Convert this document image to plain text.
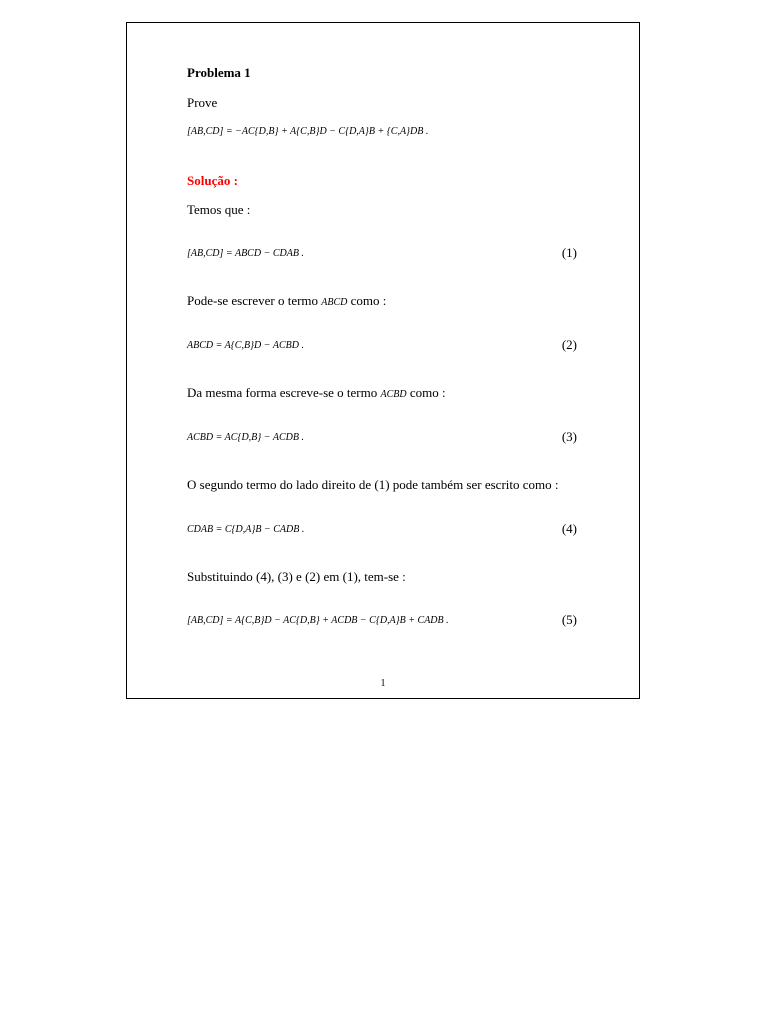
Problema 1
Prove
[AB,CD] = −AC{D,B} + A{C,B}D − C{D,A}B + {C,A}DB .
Solução :
Temos que :
[AB,CD] = ABCD − CDAB .	(1)
Pode-se escrever o termo ABCD como :
ABCD = A{C,B}D − ACBD .	(2)
Da mesma forma escreve-se o termo ACBD como :
ACBD = AC{D,B} − ACDB .	(3)
O segundo termo do lado direito de (1) pode também ser escrito como :
CDAB = C{D,A}B − CADB .	(4)
Substituindo (4), (3) e (2) em (1), tem-se :
[AB,CD] = A{C,B}D − AC{D,B} + ACDB − C{D,A}B + CADB .	(5)
1
